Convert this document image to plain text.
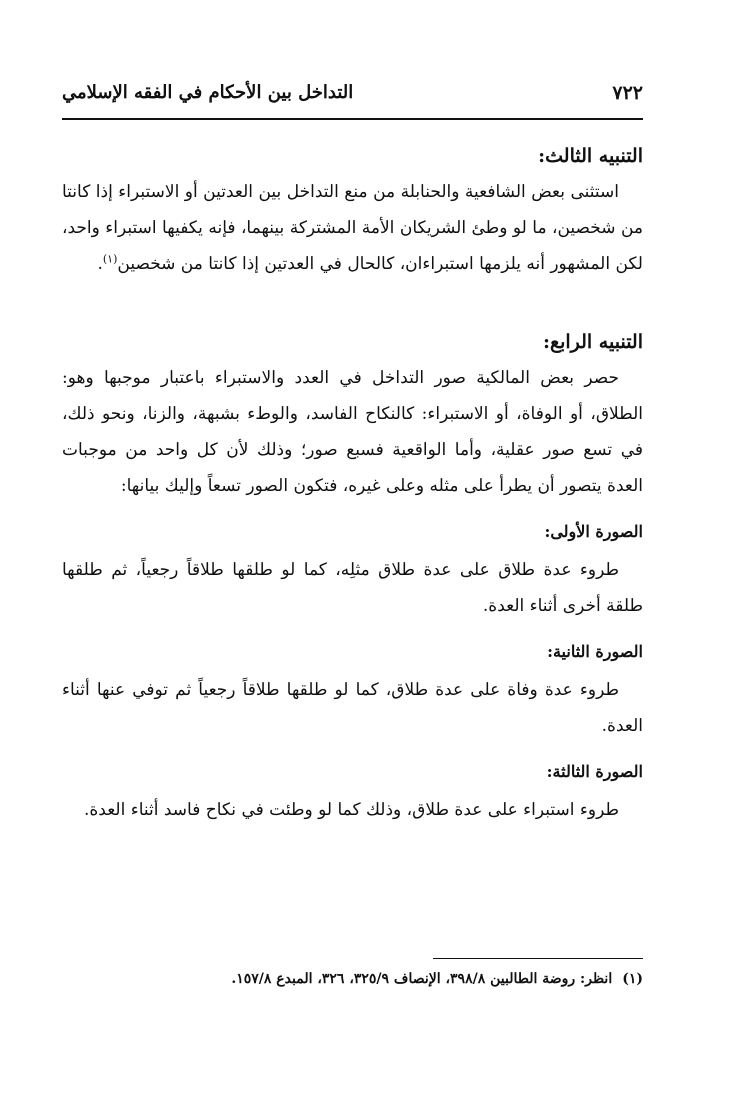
٧٢٢
التداخل بين الأحكام في الفقه الإسلامي
التنبيه الثالث:

استثنى بعض الشافعية والحنابلة من منع التداخل بين العدتين أو الاستبراء إذا كانتا من شخصين، ما لو وطئ الشريكان الأمة المشتركة بينهما، فإنه يكفيها استبراء واحد، لكن المشهور أنه يلزمها استبراءان، كالحال في العدتين إذا كانتا من شخصين$^{(١)}$.

التنبيه الرابع:

حصر بعض المالكية صور التداخل في العدد والاستبراء باعتبار موجبها وهو: الطلاق، أو الوفاة، أو الاستبراء: كالنكاح الفاسد، والوطء بشبهة، والزنا، ونحو ذلك، في تسع صور عقلية، وأما الواقعية فسبع صور؛ وذلك لأن كل واحد من موجبات العدة يتصور أن يطرأ على مثله وعلى غيره، فتكون الصور تسعاً وإليك بيانها:

الصورة الأولى:

طروء عدة طلاق على عدة طلاق مثلِه، كما لو طلقها طلاقاً رجعياً، ثم طلقها طلقة أخرى أثناء العدة.

الصورة الثانية:

طروء عدة وفاة على عدة طلاق، كما لو طلقها طلاقاً رجعياً ثم توفي عنها أثناء العدة.

الصورة الثالثة:

طروء استبراء على عدة طلاق، وذلك كما لو وطئت في نكاح فاسد أثناء العدة.

(١)انظر: روضة الطالبين ٣٩٨/٨، الإنصاف ٣٢٥/٩، ٣٢٦، المبدع ١٥٧/٨.
